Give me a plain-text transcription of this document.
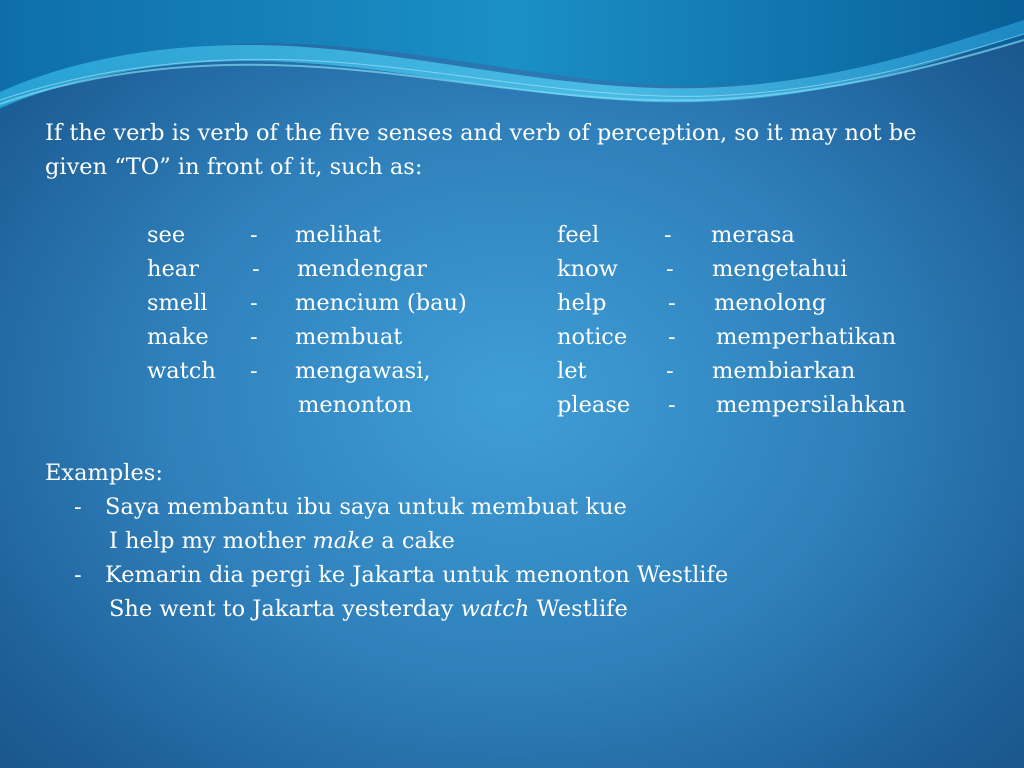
If the verb is verb of the five senses and verb of perception, so it may not be
given “TO” in front of it, such as:
see
hear
smell
make
watch
-
-
-
-
-
melihat
mendengar
mencium (bau)
membuat
mengawasi,
menonton
feel
know
help
notice
let
please
-
-
-
-
-
-
merasa
mengetahui
menolong
memperhatikan
membiarkan
mempersilahkan
Examples:
- Saya membantu ibu saya untuk membuat kue
I help my mother make a cake
- Kemarin dia pergi ke Jakarta untuk menonton Westlife
She went to Jakarta yesterday watch Westlife
